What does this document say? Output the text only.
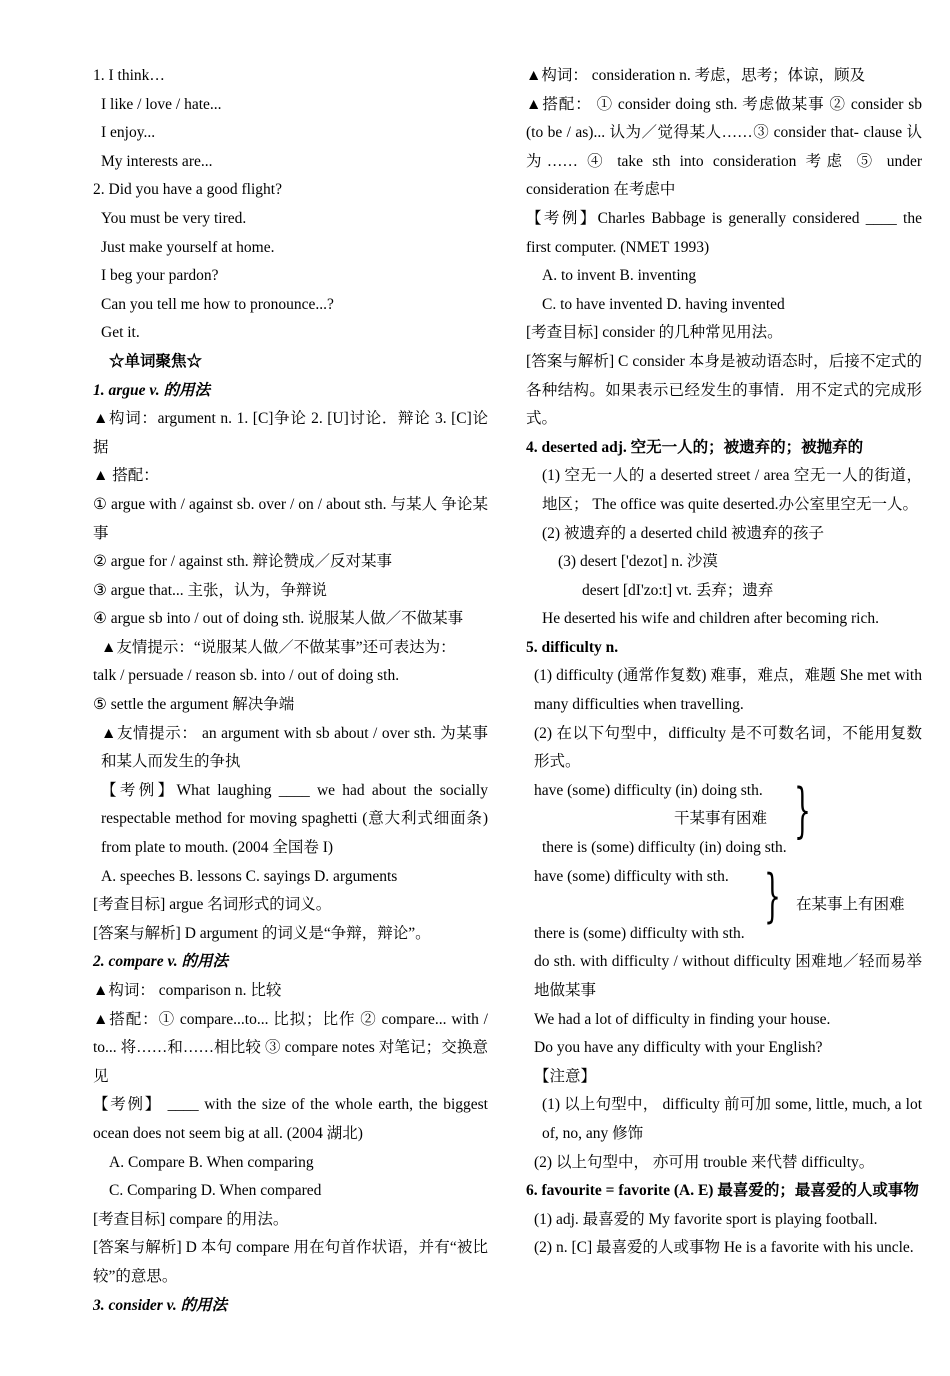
1. I think…
I like / love / hate...
I enjoy...
My interests are...
2. Did you have a good flight?
You must be very tired.
Just make yourself at home.
I beg your pardon?
Can you tell me how to pronounce...?
Get it.
☆单词聚焦☆
1. argue v. 的用法
▲构词：argument n. 1. [C]争论 2. [U]讨论．辩论 3. [C]论据
▲ 搭配：
① argue with / against sb. over / on / about sth. 与某人 争论某事
② argue for / against sth. 辩论赞成／反对某事
③ argue that... 主张，认为，争辩说
④ argue sb into / out of doing sth. 说服某人做／不做某事
▲友情提示：“说服某人做／不做某事”还可表达为：
talk / persuade / reason sb. into / out of doing sth.
⑤ settle the argument 解决争端
▲友情提示： an argument with sb about / over sth. 为某事和某人而发生的争执
【考例】What laughing ____ we had about the socially respectable method for moving spaghetti (意大利式细面条) from plate to mouth. (2004 全国卷 I)
A. speeches B. lessons C. sayings D. arguments
[考查目标] argue 名词形式的词义。
[答案与解析] D argument 的词义是“争辩，辩论”。
2. compare v. 的用法
▲构词： comparison n. 比较
▲搭配：① compare...to... 比拟；比作 ② compare... with / to... 将……和……相比较 ③ compare notes 对笔记；交换意见
【考例】 ____ with the size of the whole earth, the biggest ocean does not seem big at all. (2004 湖北)
A. Compare B. When comparing
C. Comparing D. When compared
[考查目标] compare 的用法。
[答案与解析] D 本句 compare 用在句首作状语，并有“被比较”的意思。
3. consider v. 的用法
▲构词： consideration n. 考虑，思考；体谅，顾及
▲搭配： ① consider doing sth. 考虑做某事 ② consider sb (to be / as)... 认为／觉得某人……③ consider that- clause 认为…… ④ take sth into consideration 考虑 ⑤ under consideration 在考虑中
【考例】Charles Babbage is generally considered ____ the first computer. (NMET 1993)
A. to invent B. inventing
C. to have invented D. having invented
[考查目标] consider 的几种常见用法。
[答案与解析] C consider 本身是被动语态时，后接不定式的各种结构。如果表示已经发生的事情．用不定式的完成形式。
4. deserted adj. 空无一人的；被遗弃的；被抛弃的
(1) 空无一人的 a deserted street / area 空无一人的街道，地区； The office was quite deserted.办公室里空无一人。
(2) 被遗弃的 a deserted child 被遗弃的孩子
(3) desert ['dezot] n. 沙漠
desert [dI'zo:t] vt. 丢弃；遗弃
He deserted his wife and children after becoming rich.
5. difficulty n.
(1) difficulty (通常作复数) 难事，难点，难题 She met with many difficulties when travelling.
(2) 在以下句型中，difficulty 是不可数名词，不能用复数形式。
have (some) difficulty (in) doing sth.
干某事有困难
there is (some) difficulty (in) doing sth.
}
have (some) difficulty with sth.
在某事上有困难
there is (some) difficulty with sth.
}
do sth. with difficulty / without difficulty 困难地／轻而易举地做某事
We had a lot of difficulty in finding your house.
Do you have any difficulty with your English?
【注意】
(1) 以上句型中， difficulty 前可加 some, little, much, a lot of, no, any 修饰
(2) 以上句型中， 亦可用 trouble 来代替 difficulty。
6. favourite = favorite (A. E) 最喜爱的；最喜爱的人或事物
(1) adj. 最喜爱的 My favorite sport is playing football.
(2) n. [C] 最喜爱的人或事物 He is a favorite with his uncle.
